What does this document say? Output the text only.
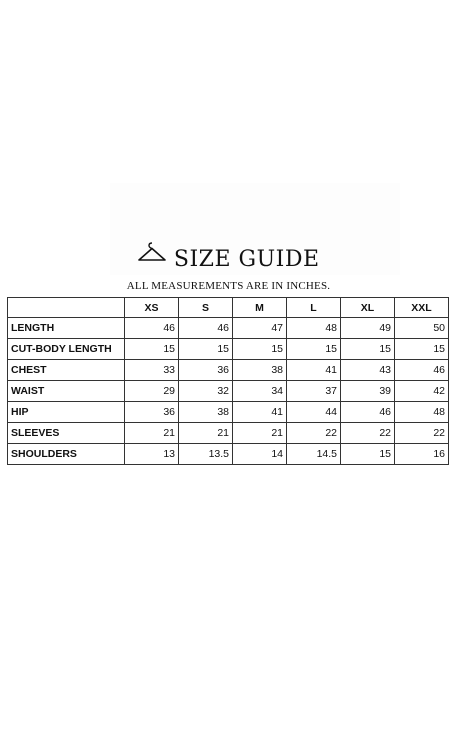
SIZE GUIDE
ALL MEASUREMENTS ARE IN INCHES.
	XS	S	M	L	XL	XXL
LENGTH	46	46	47	48	49	50
CUT-BODY LENGTH	15	15	15	15	15	15
CHEST	33	36	38	41	43	46
WAIST	29	32	34	37	39	42
HIP	36	38	41	44	46	48
SLEEVES	21	21	21	22	22	22
SHOULDERS	13	13.5	14	14.5	15	16
